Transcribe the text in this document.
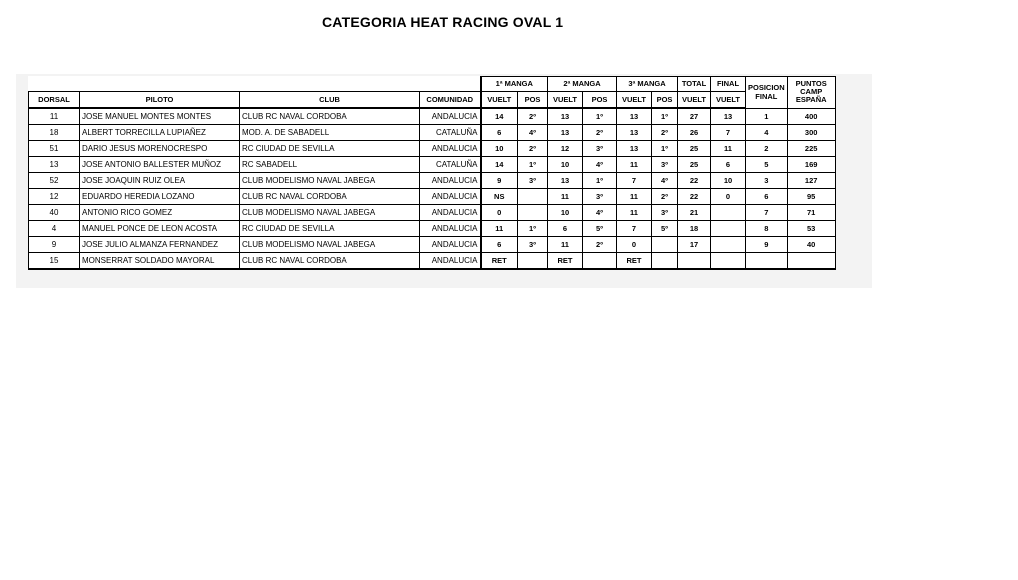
CATEGORIA HEAT RACING OVAL 1
				1ª MANGA		2ª MANGA		3ª MANGA		TOTAL	FINAL	POSICION FINAL	PUNTOS CAMP ESPAÑA
DORSAL	PILOTO	CLUB	COMUNIDAD	VUELT	POS	VUELT	POS	VUELT	POS	VUELT	VUELT		
11	JOSE MANUEL MONTES MONTES	CLUB RC NAVAL CORDOBA	ANDALUCIA	14	2º	13	1º	13	1º	27	13	1	400
18	ALBERT TORRECILLA LUPIAÑEZ	MOD. A. DE SABADELL	CATALUÑA	6	4º	13	2º	13	2º	26	7	4	300
51	DARIO JESUS MORENOCRESPO	RC CIUDAD DE SEVILLA	ANDALUCIA	10	2º	12	3º	13	1º	25	11	2	225
13	JOSE ANTONIO BALLESTER MUÑOZ	RC SABADELL	CATALUÑA	14	1º	10	4º	11	3º	25	6	5	169
52	JOSE JOAQUIN RUIZ OLEA	CLUB MODELISMO NAVAL JABEGA	ANDALUCIA	9	3º	13	1º	7	4º	22	10	3	127
12	EDUARDO HEREDIA LOZANO	CLUB RC NAVAL CORDOBA	ANDALUCIA	NS		11	3º	11	2º	22	0	6	95
40	ANTONIO RICO GOMEZ	CLUB MODELISMO NAVAL JABEGA	ANDALUCIA	0		10	4º	11	3º	21		7	71
4	MANUEL PONCE DE LEON ACOSTA	RC CIUDAD DE SEVILLA	ANDALUCIA	11	1º	6	5º	7	5º	18		8	53
9	JOSE JULIO ALMANZA FERNANDEZ	CLUB MODELISMO NAVAL JABEGA	ANDALUCIA	6	3º	11	2º	0		17		9	40
15	MONSERRAT SOLDADO MAYORAL	CLUB RC NAVAL CORDOBA	ANDALUCIA	RET		RET		RET					
